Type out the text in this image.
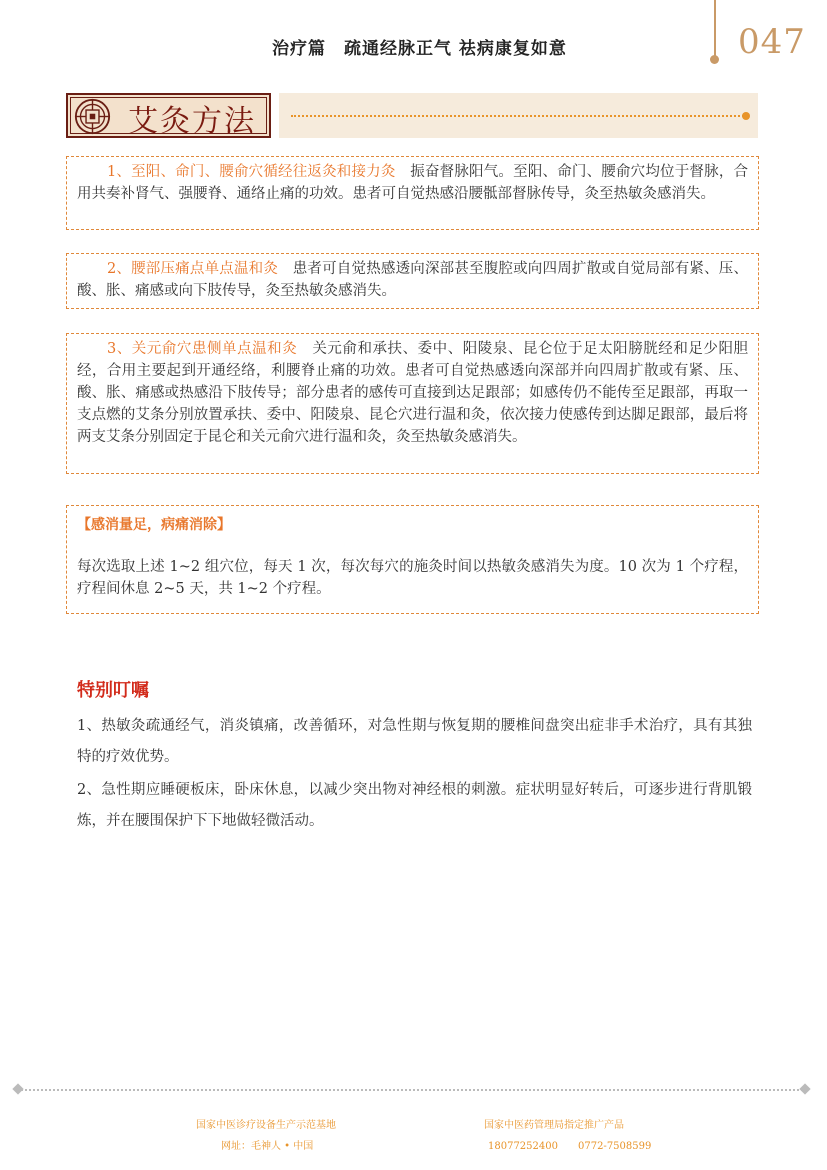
治疗篇　疏通经脉正气 祛病康复如意	047
艾灸方法
1、至阳、命门、腰俞穴循经往返灸和接力灸　 振奋督脉阳气。至阳、命门、腰俞穴均位于督脉，合用共奏补肾气、强腰脊、通络止痛的功效。患者可自觉热感沿腰骶部督脉传导，灸至热敏灸感消失。
2、腰部压痛点单点温和灸　 患者可自觉热感透向深部甚至腹腔或向四周扩散或自觉局部有紧、压、酸、胀、痛感或向下肢传导，灸至热敏灸感消失。
3、关元俞穴患侧单点温和灸　 关元俞和承扶、委中、阳陵泉、昆仑位于足太阳膀胱经和足少阳胆经，合用主要起到开通经络，利腰脊止痛的功效。患者可自觉热感透向深部并向四周扩散或有紧、压、酸、胀、痛感或热感沿下肢传导；部分患者的感传可直接到达足跟部；如感传仍不能传至足跟部，再取一支点燃的艾条分别放置承扶、委中、阳陵泉、昆仑穴进行温和灸，依次接力使感传到达脚足跟部，最后将两支艾条分别固定于昆仑和关元俞穴进行温和灸，灸至热敏灸感消失。
【感消量足，病痛消除】
每次选取上述 1~2 组穴位，每天 1 次，每次每穴的施灸时间以热敏灸感消失为度。10 次为 1 个疗程，疗程间休息 2~5 天，共 1~2 个疗程。
特别叮嘱
1、热敏灸疏通经气，消炎镇痛，改善循环，对急性期与恢复期的腰椎间盘突出症非手术治疗，具有其独特的疗效优势。
2、急性期应睡硬板床，卧床休息，以减少突出物对神经根的刺激。症状明显好转后，可逐步进行背肌锻炼，并在腰围保护下下地做轻微活动。
国家中医诊疗设备生产示范基地
网址：毛神人 • 中国
国家中医药管理局指定推广产品
18077252400　　0772-7508599
